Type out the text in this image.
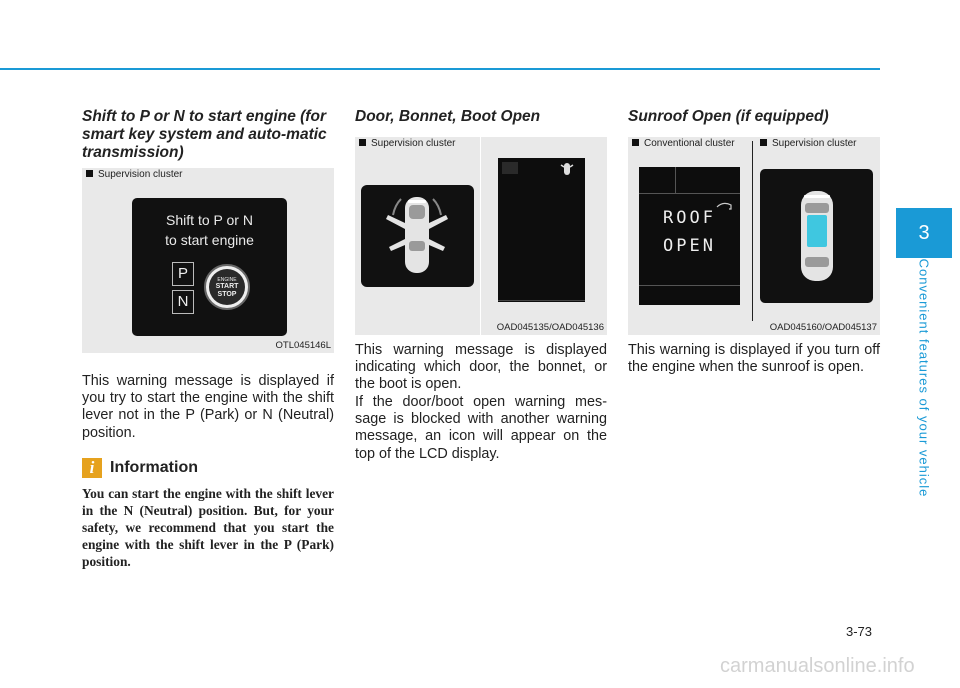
3
Convenient features of your vehicle
Shift to P or N to start engine (for smart key system and auto-matic transmission)
Supervision cluster
Shift to P or N
to start engine
P
N
ENGINE
START
STOP
OTL045146L

This warning message is displayed if you try to start the engine with the shift lever not in the P (Park) or N (Neutral) position.

i Information

You can start the engine with the shift lever in the N (Neutral) position. But, for your safety, we recommend that you start the engine with the shift lever in the P (Park) position.

Door, Bonnet, Boot Open
Supervision cluster
OAD045135/OAD045136

This warning message is displayed indicating which door, the bonnet, or the boot is open.

If the door/boot open warning mes-sage is blocked with another warning message, an icon will appear on the top of the LCD display.

Sunroof Open (if equipped)
Conventional cluster	Supervision cluster
ROOF
OPEN
OAD045160/OAD045137

This warning is displayed if you turn off the engine when the sunroof is open.

3-73
carmanualsonline.info
